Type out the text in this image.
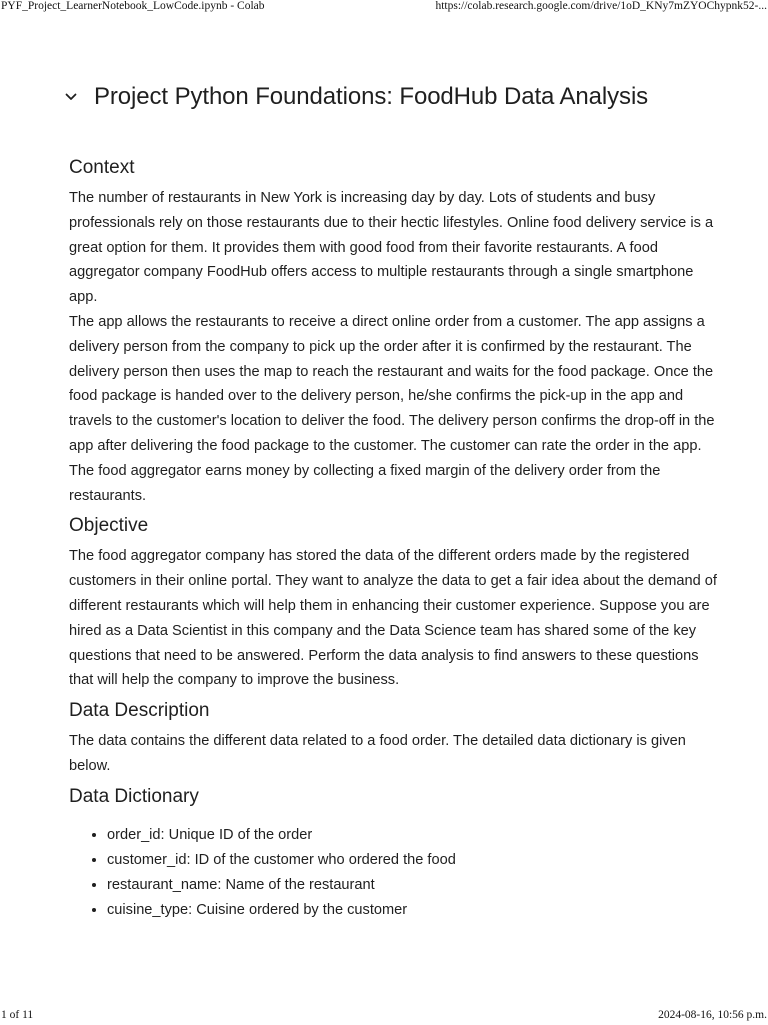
PYF_Project_LearnerNotebook_LowCode.ipynb - Colab	https://colab.research.google.com/drive/1oD_KNy7mZYOChypnk52-...
Project Python Foundations: FoodHub Data Analysis
Context

The number of restaurants in New York is increasing day by day. Lots of students and busy professionals rely on those restaurants due to their hectic lifestyles. Online food delivery service is a great option for them. It provides them with good food from their favorite restaurants. A food aggregator company FoodHub offers access to multiple restaurants through a single smartphone app.

The app allows the restaurants to receive a direct online order from a customer. The app assigns a delivery person from the company to pick up the order after it is confirmed by the restaurant. The delivery person then uses the map to reach the restaurant and waits for the food package. Once the food package is handed over to the delivery person, he/she confirms the pick-up in the app and travels to the customer's location to deliver the food. The delivery person confirms the drop-off in the app after delivering the food package to the customer. The customer can rate the order in the app. The food aggregator earns money by collecting a fixed margin of the delivery order from the restaurants.

Objective

The food aggregator company has stored the data of the different orders made by the registered customers in their online portal. They want to analyze the data to get a fair idea about the demand of different restaurants which will help them in enhancing their customer experience. Suppose you are hired as a Data Scientist in this company and the Data Science team has shared some of the key questions that need to be answered. Perform the data analysis to find answers to these questions that will help the company to improve the business.

Data Description

The data contains the different data related to a food order. The detailed data dictionary is given below.

Data Dictionary
• order_id: Unique ID of the order
• customer_id: ID of the customer who ordered the food
• restaurant_name: Name of the restaurant
• cuisine_type: Cuisine ordered by the customer
1 of 11	2024-08-16, 10:56 p.m.
